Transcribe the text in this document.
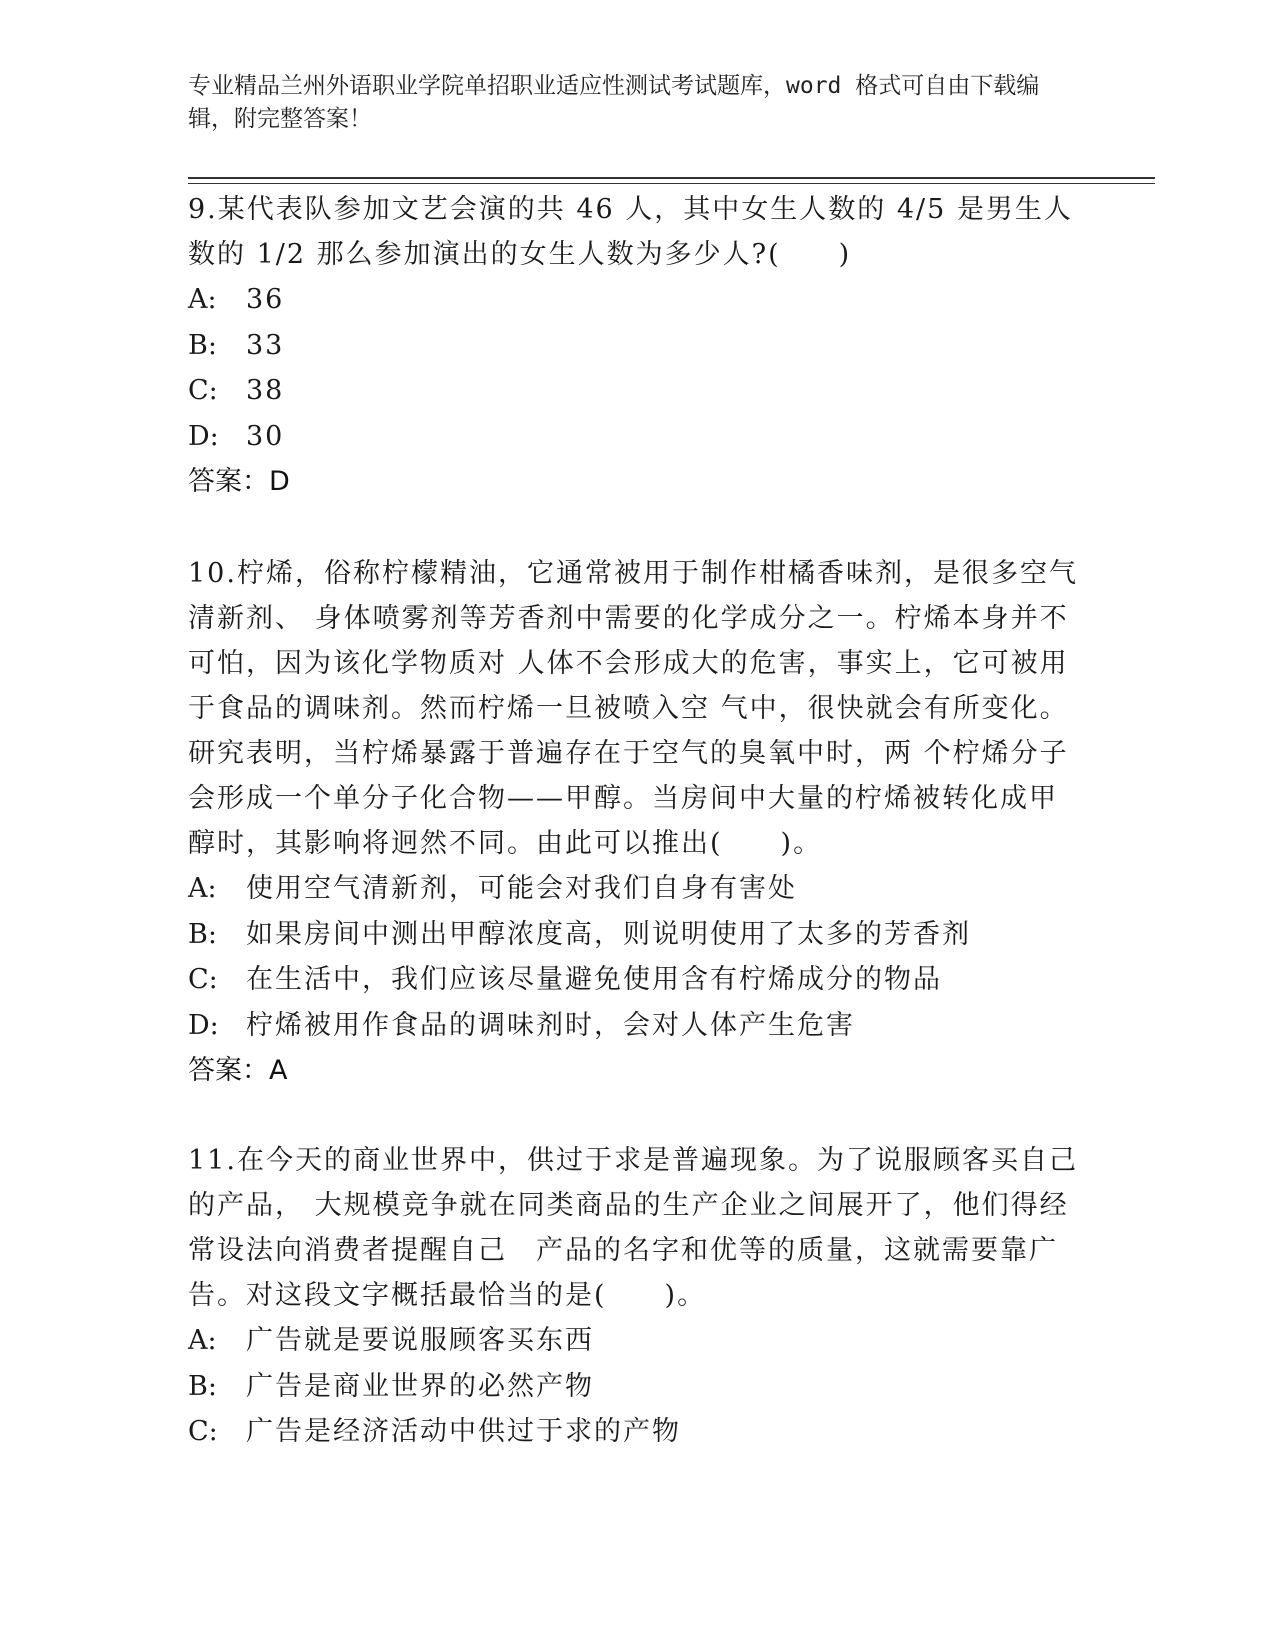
专业精品兰州外语职业学院单招职业适应性测试考试题库，word 格式可自由下载编辑，附完整答案！

9.某代表队参加文艺会演的共 46 人，其中女生人数的 4/5 是男生人数的 1/2 那么参加演出的女生人数为多少人?(　　)

A: 36

B: 33

C: 38

D: 30

答案：D

10.柠烯，俗称柠檬精油，它通常被用于制作柑橘香味剂，是很多空气清新剂、 身体喷雾剂等芳香剂中需要的化学成分之一。柠烯本身并不可怕，因为该化学物质对 人体不会形成大的危害，事实上，它可被用于食品的调味剂。然而柠烯一旦被喷入空 气中，很快就会有所变化。研究表明，当柠烯暴露于普遍存在于空气的臭氧中时，两 个柠烯分子会形成一个单分子化合物——甲醇。当房间中大量的柠烯被转化成甲醇时，其影响将迥然不同。由此可以推出(　　)。

A: 使用空气清新剂，可能会对我们自身有害处

B: 如果房间中测出甲醇浓度高，则说明使用了太多的芳香剂

C: 在生活中，我们应该尽量避免使用含有柠烯成分的物品

D: 柠烯被用作食品的调味剂时，会对人体产生危害

答案：A

11.在今天的商业世界中，供过于求是普遍现象。为了说服顾客买自己的产品， 大规模竞争就在同类商品的生产企业之间展开了，他们得经常设法向消费者提醒自己　产品的名字和优等的质量，这就需要靠广告。对这段文字概括最恰当的是(　　)。

A: 广告就是要说服顾客买东西

B: 广告是商业世界的必然产物

C: 广告是经济活动中供过于求的产物
